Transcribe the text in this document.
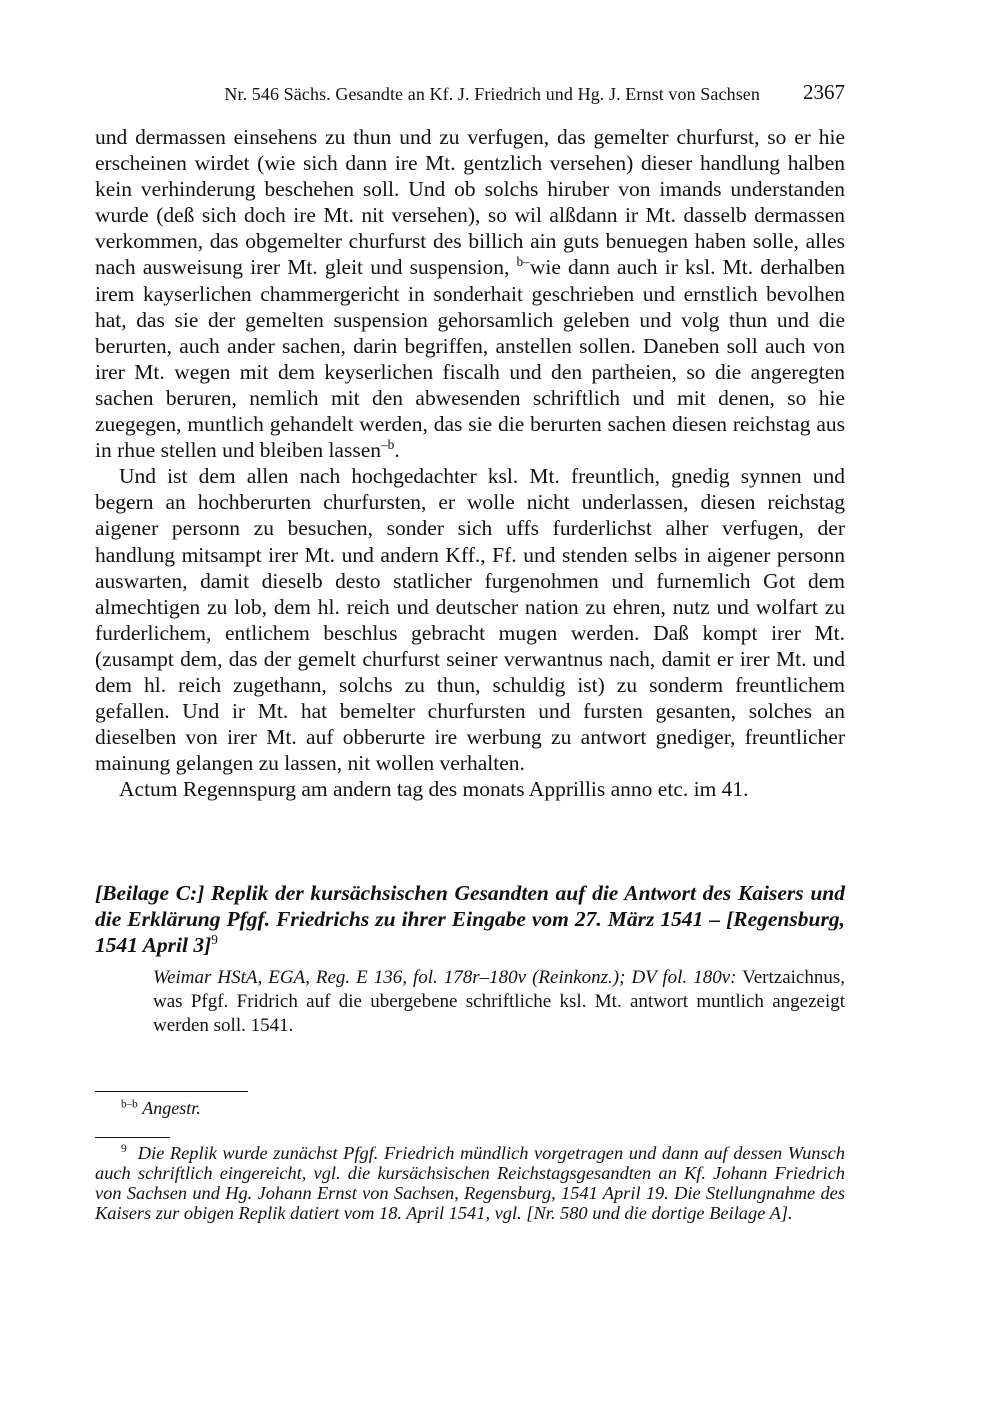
Nr. 546 Sächs. Gesandte an Kf. J. Friedrich und Hg. J. Ernst von Sachsen 2367

und dermassen einsehens zu thun und zu verfugen, das gemelter churfurst, so er hie erscheinen wirdet (wie sich dann ire Mt. gentzlich versehen) dieser handlung halben kein verhinderung beschehen soll. Und ob solchs hiruber von imands understanden wurde (deß sich doch ire Mt. nit versehen), so wil alßdann ir Mt. dasselb dermassen verkommen, das obgemelter churfurst des billich ain guts benuegen haben solle, alles nach ausweisung irer Mt. gleit und suspension, $^{b-}$wie dann auch ir ksl. Mt. derhalben irem kayserlichen chammergericht in sonderhait geschrieben und ernstlich bevolhen hat, das sie der gemelten suspension gehorsamlich geleben und volg thun und die berurten, auch ander sachen, darin begriffen, anstellen sollen. Daneben soll auch von irer Mt. wegen mit dem keyserlichen fiscalh und den partheien, so die angeregten sachen beruren, nemlich mit den abwesenden schriftlich und mit denen, so hie zuegegen, muntlich gehandelt werden, das sie die berurten sachen diesen reichstag aus in rhue stellen und bleiben lassen$^{-b}$.

Und ist dem allen nach hochgedachter ksl. Mt. freuntlich, gnedig synnen und begern an hochberurten churfursten, er wolle nicht underlassen, diesen reichstag aigener personn zu besuchen, sonder sich uffs furderlichst alher verfugen, der handlung mitsampt irer Mt. und andern Kff., Ff. und stenden selbs in aigener personn auswarten, damit dieselb desto statlicher furgenohmen und furnemlich Got dem almechtigen zu lob, dem hl. reich und deutscher nation zu ehren, nutz und wolfart zu furderlichem, entlichem beschlus gebracht mugen werden. Daß kompt irer Mt. (zusampt dem, das der gemelt churfurst seiner verwantnus nach, damit er irer Mt. und dem hl. reich zugethann, solchs zu thun, schuldig ist) zu sonderm freuntlichem gefallen. Und ir Mt. hat bemelter churfursten und fursten gesanten, solches an dieselben von irer Mt. auf obberurte ire werbung zu antwort gnediger, freuntlicher mainung gelangen zu lassen, nit wollen verhalten.

Actum Regennspurg am andern tag des monats Apprillis anno etc. im 41.

[Beilage C:] Replik der kursächsischen Gesandten auf die Antwort des Kaisers und die Erklärung Pfgf. Friedrichs zu ihrer Eingabe vom 27. März 1541 – [Regensburg, 1541 April 3]$^9$
Weimar HStA, EGA, Reg. E 136, fol. 178r–180v (Reinkonz.); DV fol. 180v: Vertzaichnus, was Pfgf. Fridrich auf die ubergebene schriftliche ksl. Mt. antwort muntlich angezeigt werden soll. 1541.
$^{b-b}$ Angestr.
$^9$ Die Replik wurde zunächst Pfgf. Friedrich mündlich vorgetragen und dann auf dessen Wunsch auch schriftlich eingereicht, vgl. die kursächsischen Reichstagsgesandten an Kf. Johann Friedrich von Sachsen und Hg. Johann Ernst von Sachsen, Regensburg, 1541 April 19. Die Stellungnahme des Kaisers zur obigen Replik datiert vom 18. April 1541, vgl. [Nr. 580 und die dortige Beilage A].
